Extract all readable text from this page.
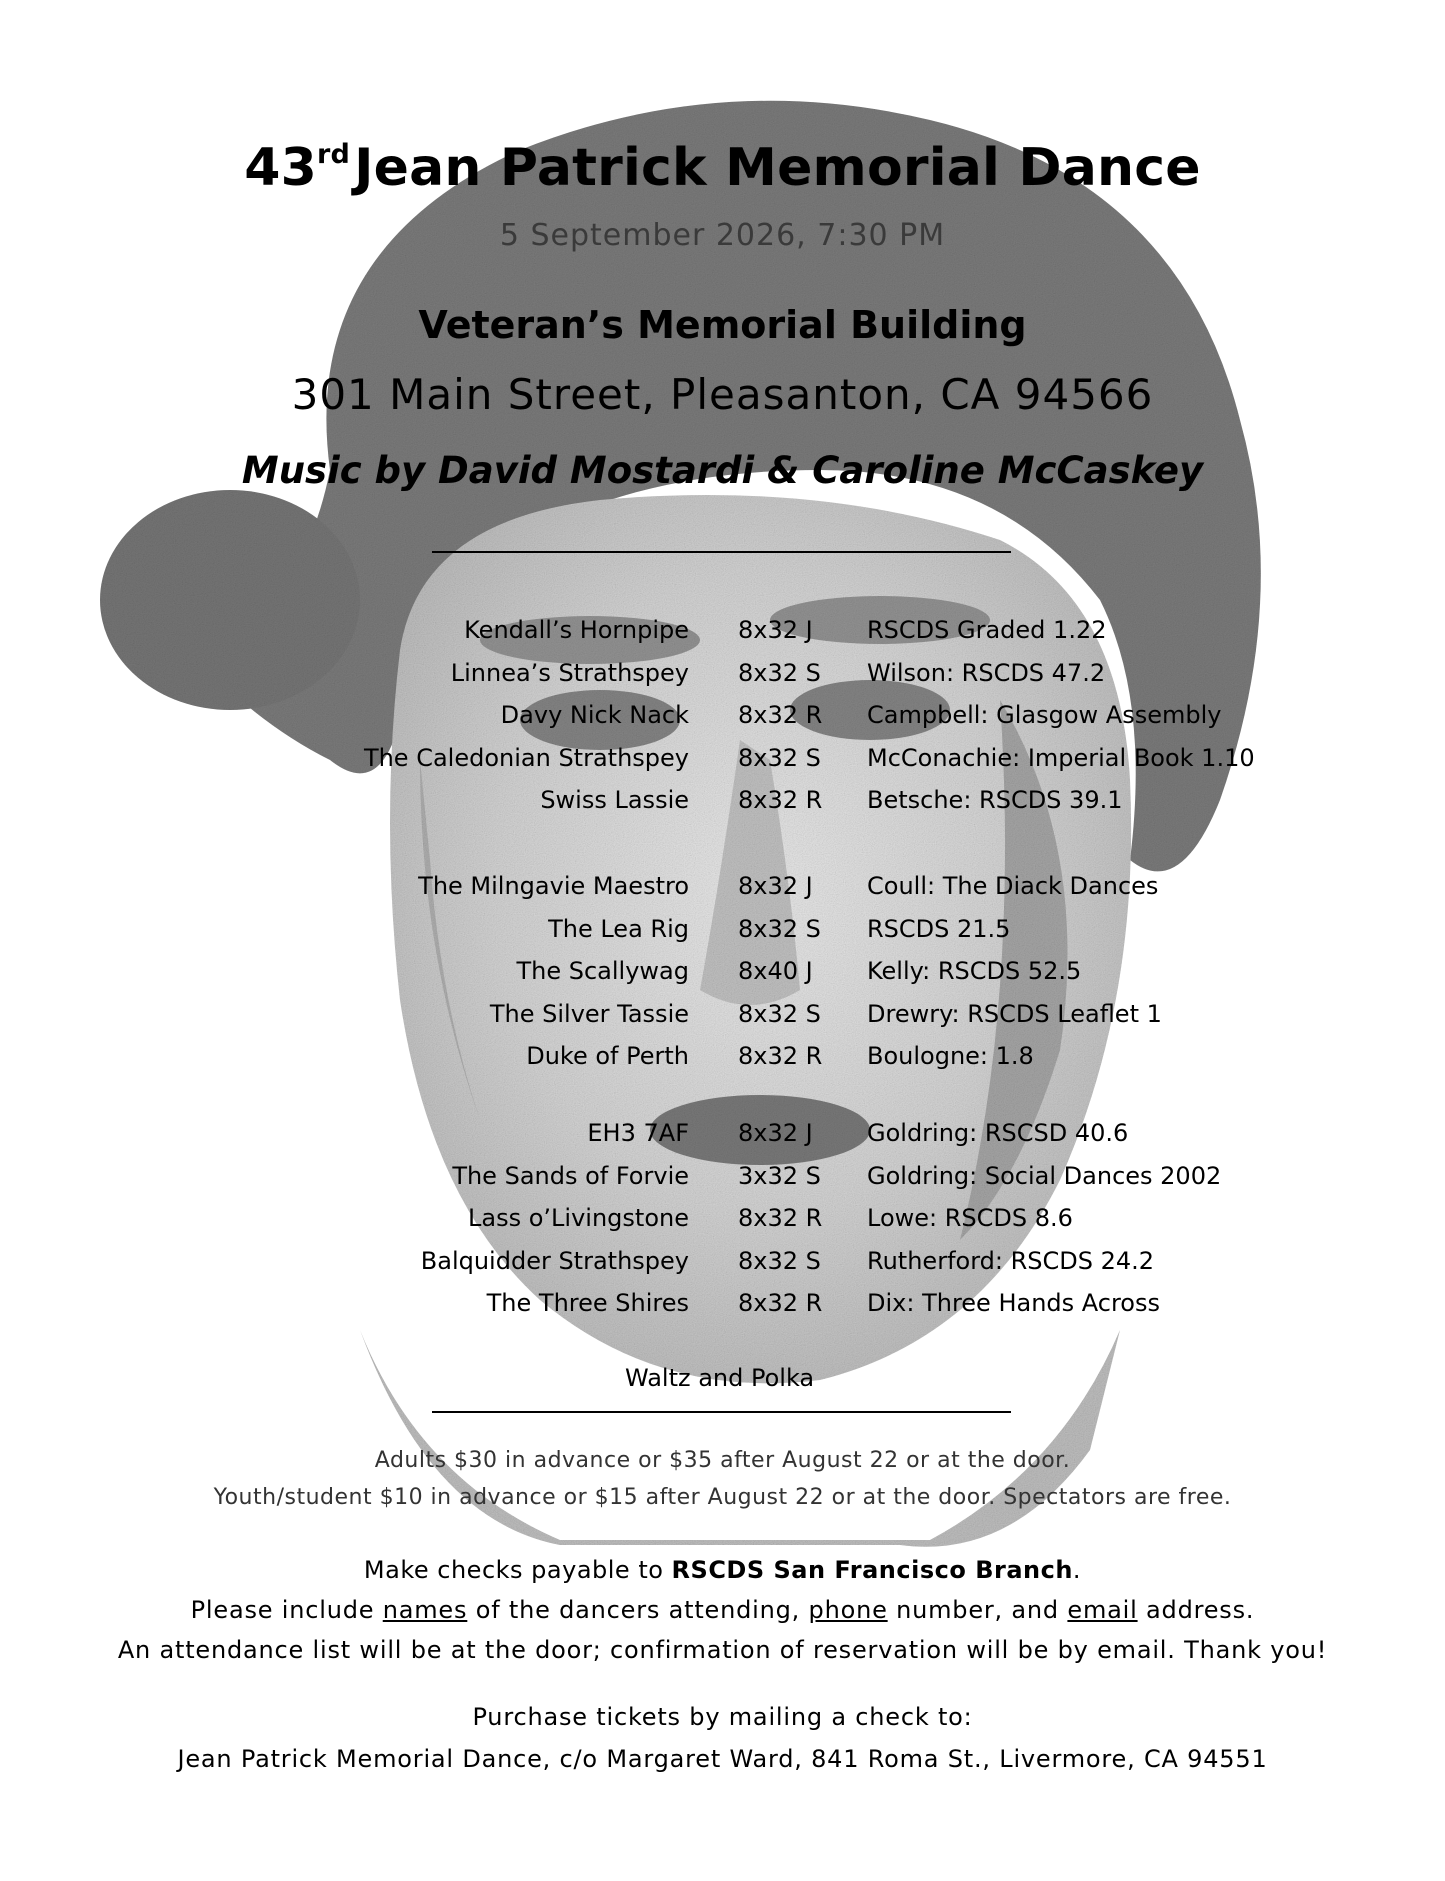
43rdJean Patrick Memorial Dance
5 September 2026, 7:30 PM
Veteran’s Memorial Building
301 Main Street, Pleasanton, CA 94566
Music by David Mostardi & Caroline McCaskey
Kendall’s Hornpipe 8x32 J RSCDS Graded 1.22
Linnea’s Strathspey 8x32 S Wilson: RSCDS 47.2
Davy Nick Nack 8x32 R Campbell: Glasgow Assembly
The Caledonian Strathspey 8x32 S McConachie: Imperial Book 1.10
Swiss Lassie 8x32 R Betsche: RSCDS 39.1
The Milngavie Maestro 8x32 J Coull: The Diack Dances
The Lea Rig 8x32 S RSCDS 21.5
The Scallywag 8x40 J Kelly: RSCDS 52.5
The Silver Tassie 8x32 S Drewry: RSCDS Leaflet 1
Duke of Perth 8x32 R Boulogne: 1.8
EH3 7AF 8x32 J Goldring: RSCSD 40.6
The Sands of Forvie 3x32 S Goldring: Social Dances 2002
Lass o’Livingstone 8x32 R Lowe: RSCDS 8.6
Balquidder Strathspey 8x32 S Rutherford: RSCDS 24.2
The Three Shires 8x32 R Dix: Three Hands Across
Waltz and Polka
Adults $30 in advance or $35 after August 22 or at the door.
Youth/student $10 in advance or $15 after August 22 or at the door. Spectators are free.
Make checks payable to RSCDS San Francisco Branch.
Please include names of the dancers attending, phone number, and email address.
An attendance list will be at the door; confirmation of reservation will be by email. Thank you!
Purchase tickets by mailing a check to:
Jean Patrick Memorial Dance, c/o Margaret Ward, 841 Roma St., Livermore, CA 94551
